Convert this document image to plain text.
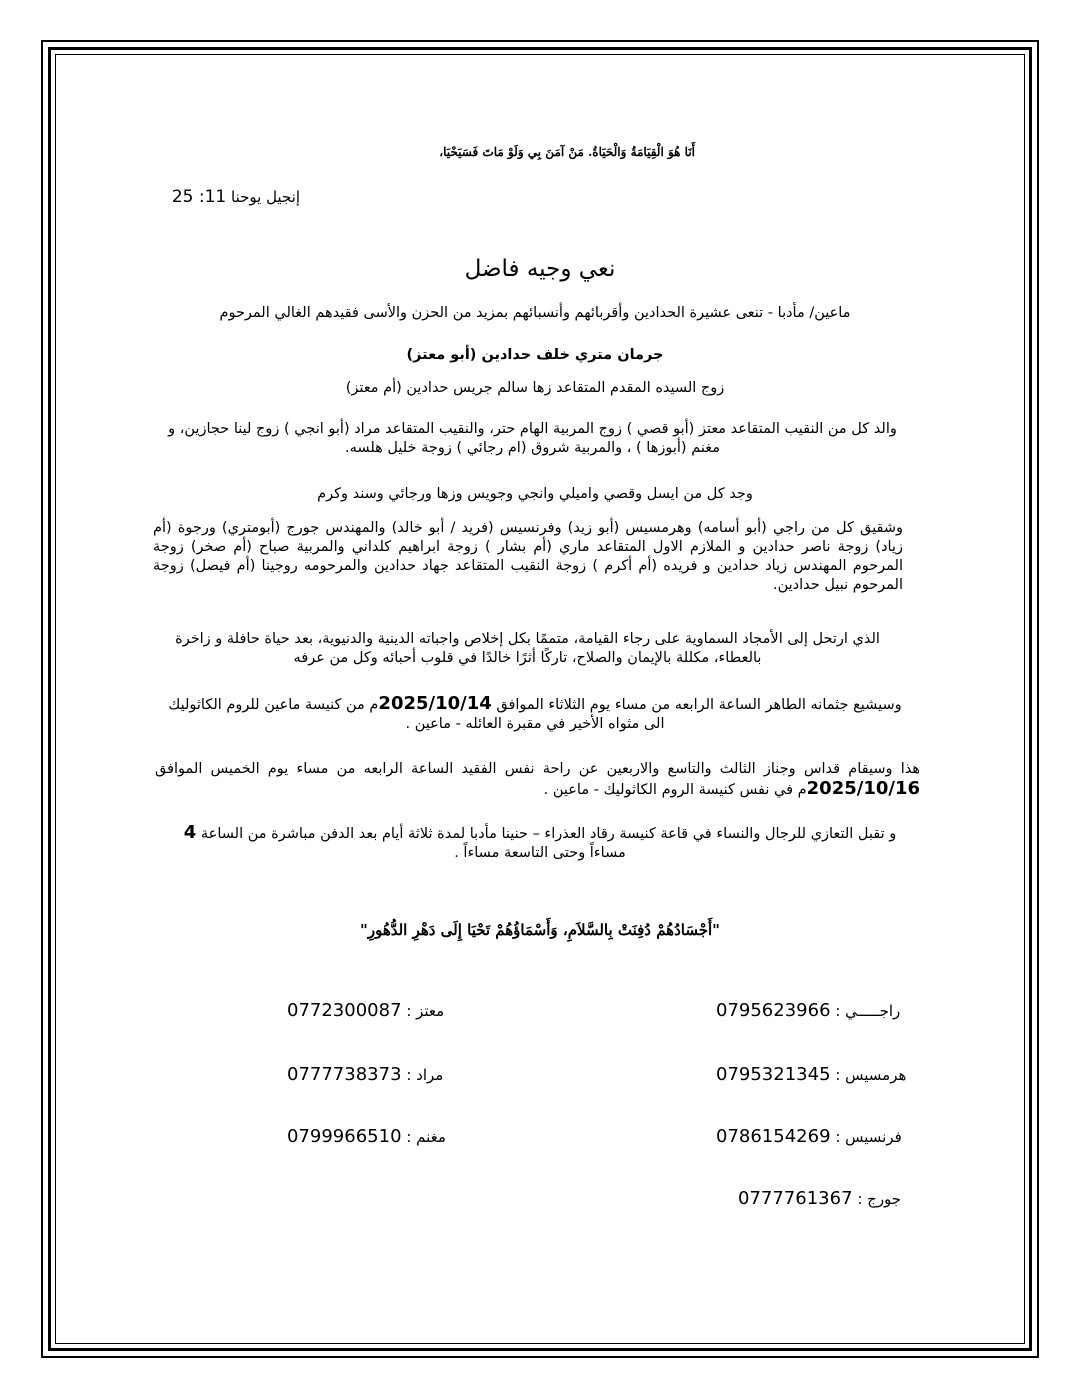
أَنَا هُوَ الْقِيَامَةُ وَالْحَيَاةُ. مَنْ آمَنَ بِي وَلَوْ مَاتَ فَسَيَحْيَا،
إنجيل يوحنا 11: 25
نعي وجيه فاضل
ماعين/ مأدبا - تنعى عشيرة الحدادين وأقربائهم وأنسبائهم بمزيد من الحزن والأسى فقيدهم الغالي المرحوم
جرمان متري خلف حدادين (أبو معتز)
زوج السيده المقدم المتقاعد زها سالم جريس حدادين (أم معتز)
والد كل من النقيب المتقاعد معتز (أبو قصي ) زوج المربية الهام حتر، والنقيب المتقاعد مراد (أبو انجي ) زوج لينا حجازين، و مغنم (أبوزها ) ، والمربية شروق (ام رجائي ) زوجة خليل هلسه.
وجد كل من ايسل وقصي واميلي وانجي وجويس وزها ورجائي وسند وكرم
وشقيق كل من راجي (أبو أسامه) وهرمسيس (أبو زيد) وفرنسيس (فريد / أبو خالد) والمهندس جورج (أبومتري) ورجوة (أم زياد) زوجة ناصر حدادين و الملازم الاول المتقاعد ماري (أم بشار ) زوجة ابراهيم كلداني والمربية صباح (أم صخر) زوجة المرحوم المهندس زياد حدادين و فريده (أم أكرم ) زوجة النقيب المتقاعد جهاد حدادين والمرحومه روجينا (أم فيصل) زوجة المرحوم نبيل حدادين.
الذي ارتحل إلى الأمجاد السماوية على رجاء القيامة، متممًا بكل إخلاص واجباته الدينية والدنيوية، بعد حياة حافلة و زاخرة بالعطاء، مكللة بالإيمان والصلاح، تاركًا أثرًا خالدًا في قلوب أحبائه وكل من عرفه
وسيشيع جثمانه الطاهر الساعة الرابعه من مساء يوم الثلاثاء الموافق 2025/10/14م من كنيسة ماعين للروم الكاثوليك الى مثواه الأخير في مقبرة العائله - ماعين .
هذا وسيقام قداس وجناز الثالث والتاسع والاربعين عن راحة نفس الفقيد الساعة الرابعه من مساء يوم الخميس الموافق 2025/10/16م في نفس كنيسة الروم الكاثوليك - ماعين .
و تقبل التعازي للرجال والنساء في قاعة كنيسة رقاد العذراء – حنينا مأدبا لمدة ثلاثة أيام بعد الدفن مباشرة من الساعة 4 مساءاً وحتى التاسعة مساءاً .
"أَجْسَادُهُمْ دُفِنَتْ بِالسَّلاَمِ، وَأَسْمَاؤُهُمْ تَحْيَا إِلَى دَهْرِ الدُّهُورِ"
0795623966 راجـــــي :
0772300087 معتز :
0795321345 هرمسيس :
0777738373 مراد :
0786154269 فرنسيس :
0799966510 مغنم :
0777761367 جورج :
